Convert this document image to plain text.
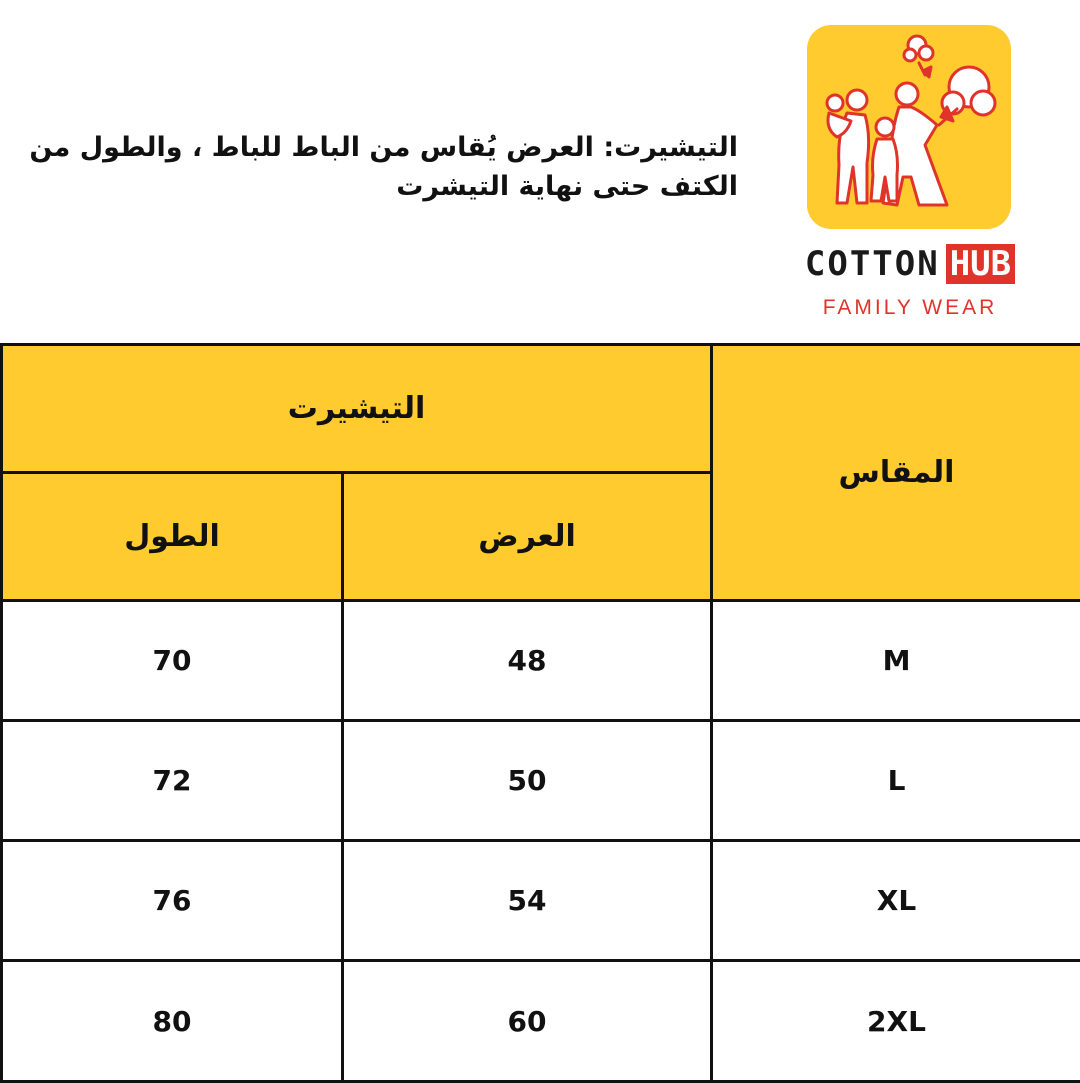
التيشيرت: العرض يُقاس من الباط للباط ، والطول من الكتف حتى نهاية التيشرت
COTTON HUB
FAMILY WEAR
التيشيرت		المقاس
الطول	العرض	
70	48	M
72	50	L
76	54	XL
80	60	2XL
